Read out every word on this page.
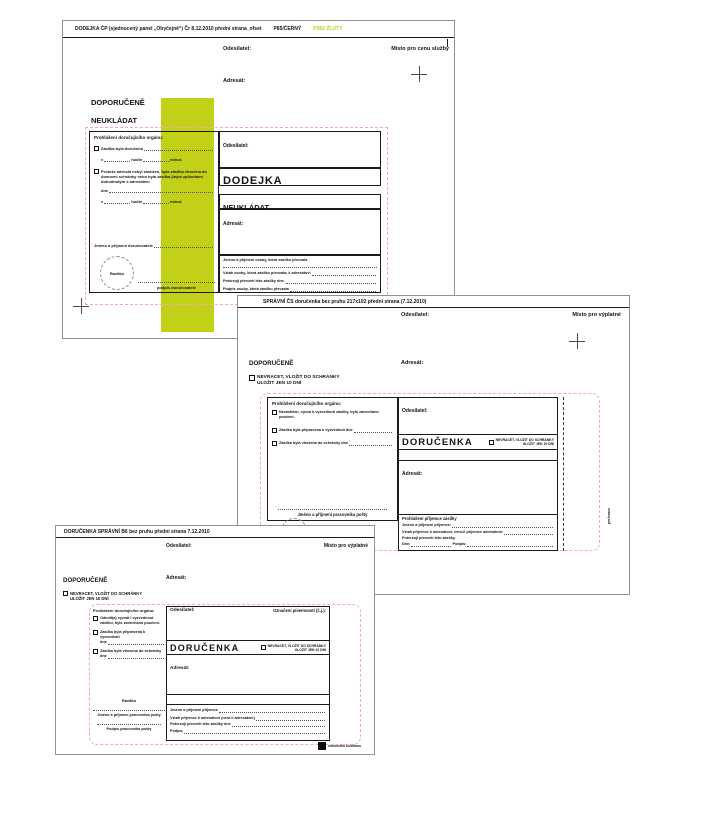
DODEJKA ČP (sjednocený panel „Obyčejně“) Čr 8.12.2010 přední strana_ofset P85/ČERNÝ P382 ŽLUTÝ
Odesílatel:	Místo pro cenu služby
Adresát:
DOPORUČENĚ
NEUKLÁDAT
Prohlášení doručujícího orgánu:
Zásilka byla doručena
v	hodin	minut.
Protože adresát nebyl zastižen, byla zásilka vhozena do domovní schránky nebo byla zásilka jiným způsobem dohodnutým s adresátem
dne
v	hodin	minut.
Jméno a příjmení doručovatele
Razítko
podpis doručovatele
Odesílatel:
DODEJKA
NEUKLÁDAT
Adresát:
Jméno a příjmení osoby, která zásilku převzala
Vztah osoby, která zásilku převzala, k adresátovi
Potvrzuji převzetí této zásilky dne.
Podpis osoby, která zásilku převzala
SPRÁVNÍ ČS doručenka bez pruhu 217x102 přední strana (7.12.2010)
Odesílatel:	Místo pro výplatné
DOPORUČENĚ
NEVRACET, VLOŽIT DO SCHRÁNKY
ULOŽIT JEN 10 DNÍ
Adresát:
Prohlášení doručujícího orgánu:
Nezastižen, výzva k vyzvednutí zásilky, bylo zanecháno poučení.
Zásilka byla připravena k vyzvednutí dne
Zásilka byla vhozena do schránky dne
Jméno a příjmení pracovníka pošty
Odesílatel:
DORUČENKA	NEVRACET, VLOŽIT DO SCHRÁNKY
ULOŽIT JEN 10 DNÍ
Adresát:
Prohlášení příjemce zásilky
Jméno a příjmení příjemce:
Vztah příjemce k adresátovi, není-li příjemce adresátem:
Potvrzuji převzetí této zásilky.
Dne:	Podpis:
perforace
DORUČENKA SPRÁVNÍ B6 bez pruhu přední strana 7.12.2010
Odesílatel:	Místo pro výplatné
Adresát:
DOPORUČENĚ
NEVRACET, VLOŽIT DO SCHRÁNKY
ULOŽIT JEN 10 DNÍ
Prohlášení doručujícího orgánu:
Odmítl(a) vyzvát i vyzvednout zásilku, bylo zanecháno poučení.
Zásilka byla připravena k vyzvednutí
dne
Zásilka byla vhozena do schránky
dne
Razítko
Jméno a příjmení pracovníka pošty
Podpis pracovníka pošty
Odesílatel:	Označení písemnosti (č.j.):
DORUČENKA	NEVRACET, VLOŽIT DO SCHRÁNKY
ULOŽIT JEN 10 DNÍ
Adresát:
Jméno a příjmení příjemce
Vztah příjemce k adresátovi (není-li adresátem)
Potvrzuji převzetí této zásilky dne
Podpis
connected solutions
